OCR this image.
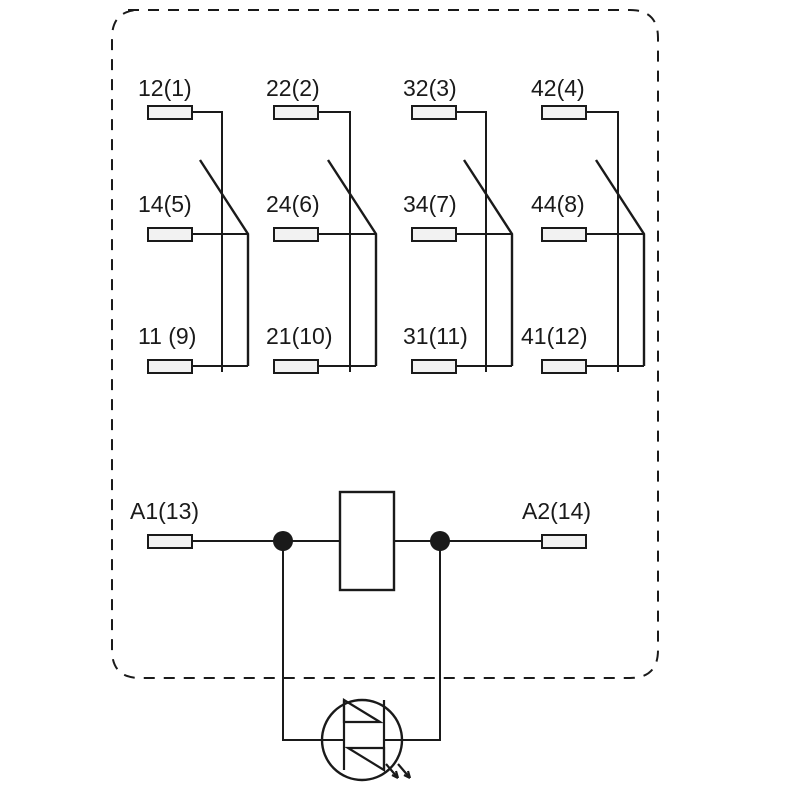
12(1)
14(5)
11 (9)
22(2)
24(6)
21(10)
32(3)
34(7)
31(11)
42(4)
44(8)
41(12)
A1(13)	A2(14)
